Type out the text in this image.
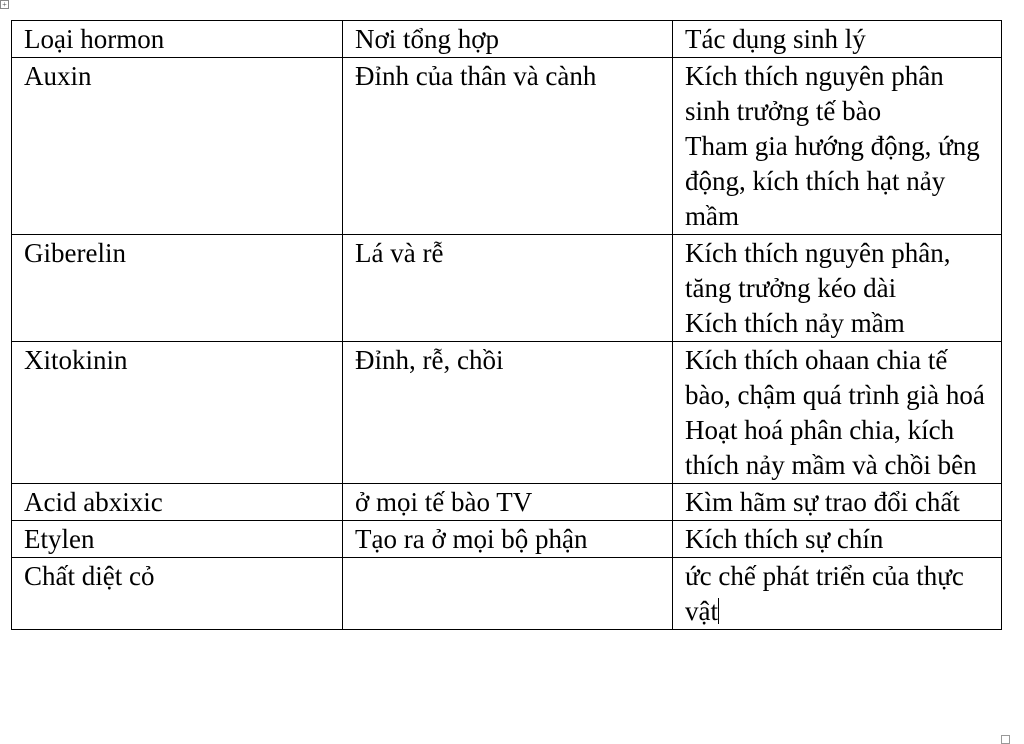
+
Loại hormon	Nơi tổng hợp	Tác dụng sinh lý
Auxin	Đỉnh của thân và cành	Kích thích nguyên phân sinh trưởng tế bào
Tham gia hướng động, ứng động, kích thích hạt nảy mầm

Giberelin	Lá và rễ	Kích thích nguyên phân, tăng trưởng kéo dài
Kích thích nảy mầm

Xitokinin	Đỉnh, rễ, chồi	Kích thích ohaan chia tế bào, chậm quá trình già hoá
Hoạt hoá phân chia, kích thích nảy mầm và chồi bên

Acid abxixic	ở mọi tế bào TV	Kìm hãm sự trao đổi chất

Etylen	Tạo ra ở mọi bộ phận	Kích thích sự chín

Chất diệt cỏ		ức chế phát triển của thực vật
